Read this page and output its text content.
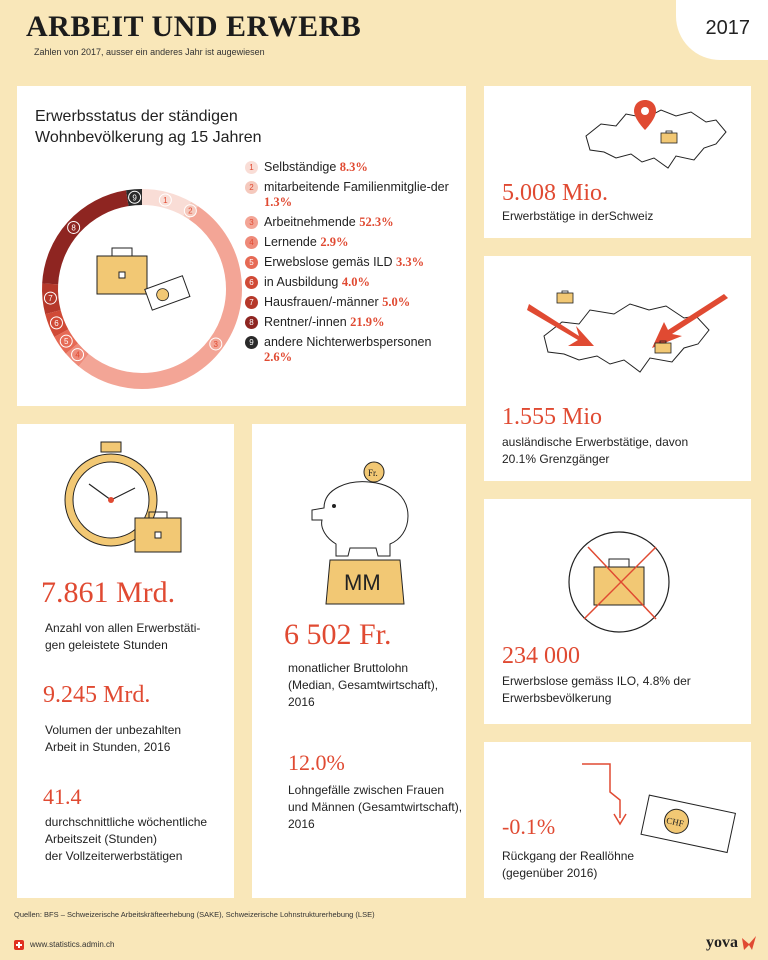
ARBEIT UND ERWERB
Zahlen von 2017, ausser ein anderes Jahr ist augewiesen
2017
Erwerbsstatus der ständigen
Wohnbevölkerung ag 15 Jahren
1
2
3
4
5
6
7
8
9
1 Selbständige 8.3%
2 mitarbeitende Familienmitglie-der 1.3%
3 Arbeitnehmende 52.3%
4 Lernende 2.9%
5 Erwebslose gemäs ILD 3.3%
6 in Ausbildung 4.0%
7 Hausfrauen/-männer 5.0%
8 Rentner/-innen 21.9%
9 andere Nichterwerbspersonen 2.6%
5.008 Mio.
Erwerbstätige in derSchweiz
1.555 Mio
ausländische Erwerbstätige, davon
20.1% Grenzgänger
7.861 Mrd.
Anzahl von allen Erwerbstäti-
gen geleistete Stunden
9.245 Mrd.
Volumen der unbezahlten
Arbeit in Stunden, 2016
41.4
durchschnittliche wöchentliche
Arbeitszeit (Stunden)
der Vollzeiterwerbstätigen
Fr.
MM
6 502 Fr.
monatlicher Bruttolohn
(Median, Gesamtwirtschaft),
2016
12.0%
Lohngefälle zwischen Frauen
und Männen (Gesamtwirtschaft),
2016
234 000
Erwerbslose gemäss ILO, 4.8% der
Erwerbsbevölkerung
CHF
-0.1%
Rückgang der Reallöhne
(gegenüber 2016)
Quellen: BFS – Schweizerische Arbeitskräfteerhebung (SAKE), Schweizerische Lohnstrukturerhebung (LSE)
www.statistics.admin.ch	yova
